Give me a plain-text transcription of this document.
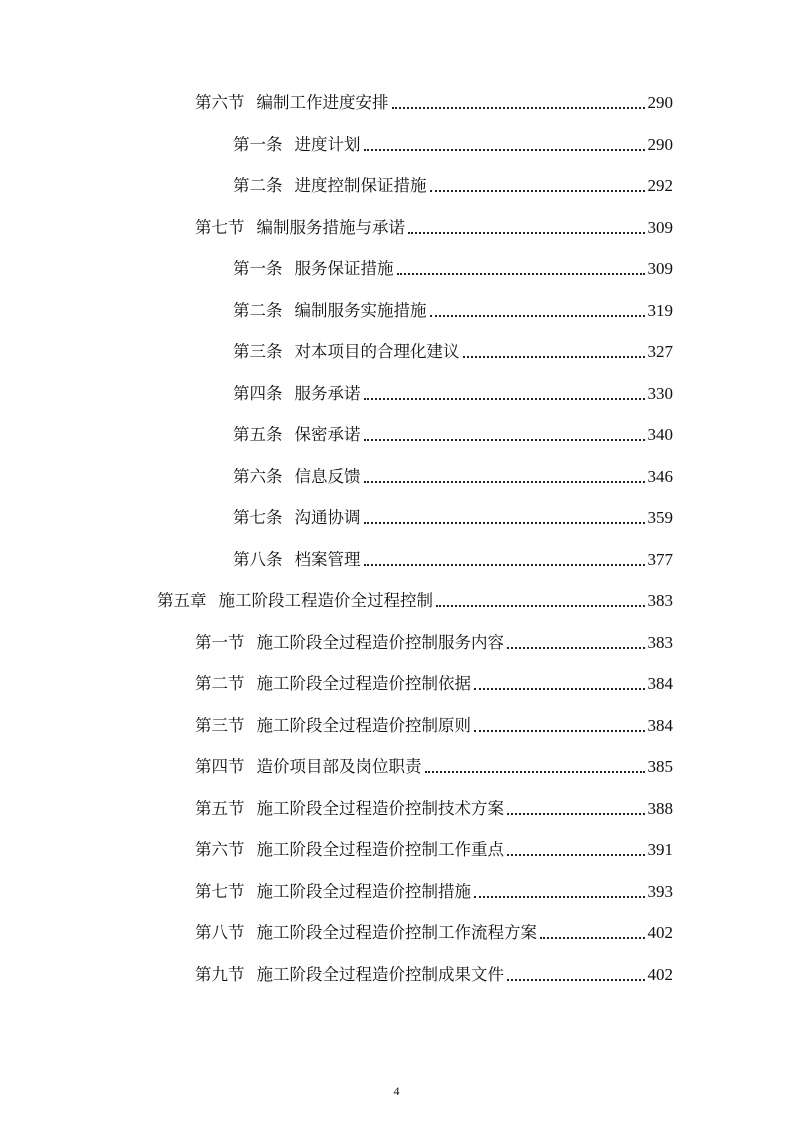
第六节 编制工作进度安排	290
第一条 进度计划	290
第二条 进度控制保证措施	292
第七节 编制服务措施与承诺	309
第一条 服务保证措施	309
第二条 编制服务实施措施	319
第三条 对本项目的合理化建议	327
第四条 服务承诺	330
第五条 保密承诺	340
第六条 信息反馈	346
第七条 沟通协调	359
第八条 档案管理	377
第五章 施工阶段工程造价全过程控制	383
第一节 施工阶段全过程造价控制服务内容	383
第二节 施工阶段全过程造价控制依据	384
第三节 施工阶段全过程造价控制原则	384
第四节 造价项目部及岗位职责	385
第五节 施工阶段全过程造价控制技术方案	388
第六节 施工阶段全过程造价控制工作重点	391
第七节 施工阶段全过程造价控制措施	393
第八节 施工阶段全过程造价控制工作流程方案	402
第九节 施工阶段全过程造价控制成果文件	402
4
